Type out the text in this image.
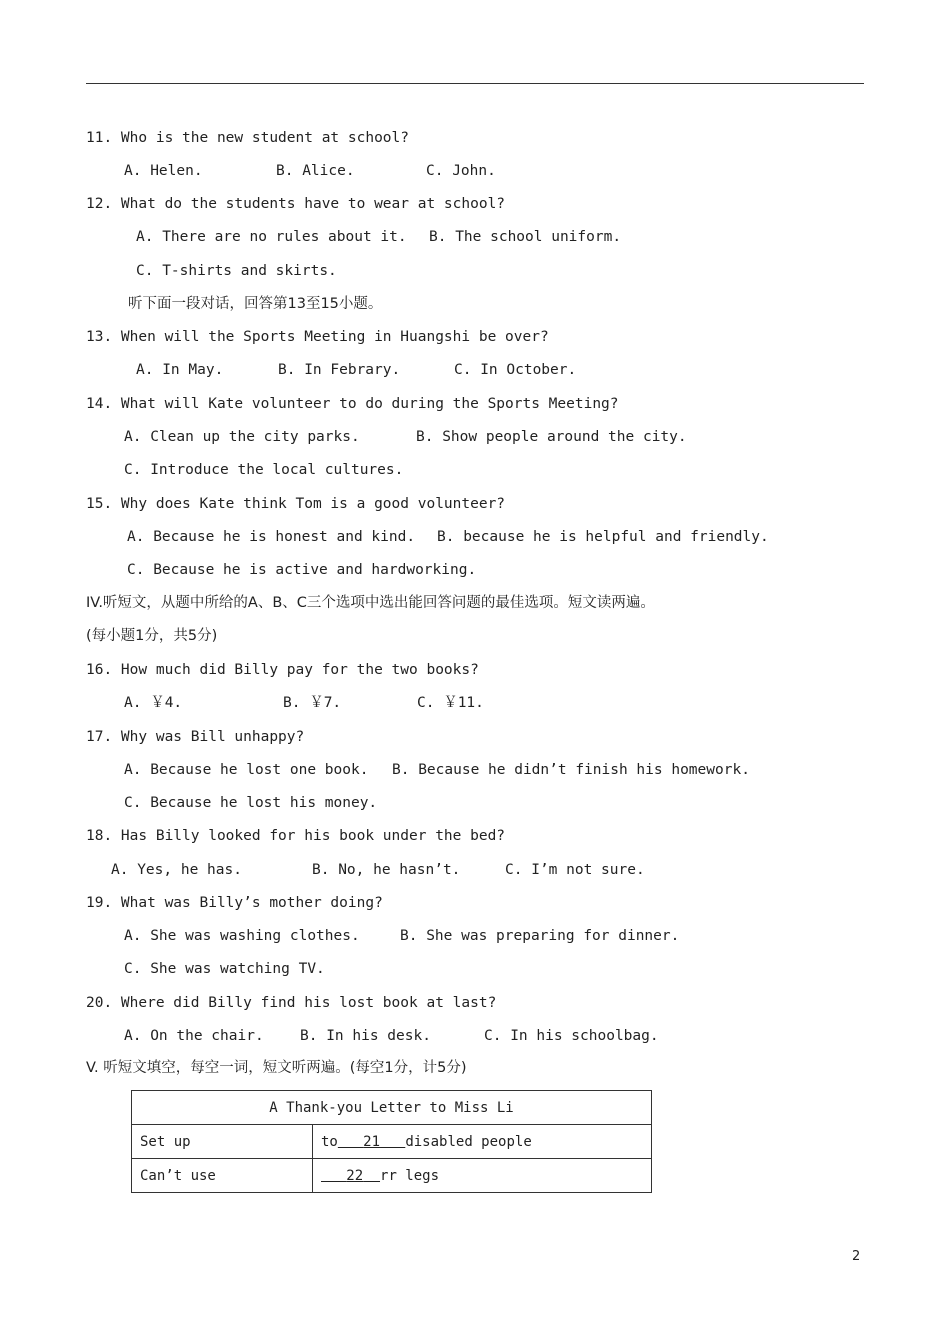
11. Who is the new student at school?
A. Helen.	B. Alice.	C. John.
12. What do the students have to wear at school?
A. There are no rules about it. B. The school uniform.
C. T-shirts and skirts.
听下面一段对话，回答第13至15小题。
13. When will the Sports Meeting in Huangshi be over?
A. In May.	B. In Febrary.	C. In October.
14. What will Kate volunteer to do during the Sports Meeting?
A. Clean up the city parks.	B. Show people around the city.
C. Introduce the local cultures.
15. Why does Kate think Tom is a good volunteer?
A. Because he is honest and kind. B. because he is helpful and friendly.
C. Because he is active and hardworking.
IV.听短文，从题中所给的A、B、C三个选项中选出能回答问题的最佳选项。短文读两遍。
(每小题1分，共5分)
16. How much did Billy pay for the two books?
A. ￥4.	B. ￥7.	C. ￥11.
17. Why was Bill unhappy?
A. Because he lost one book. B. Because he didn’t finish his homework.
C. Because he lost his money.
18. Has Billy looked for his book under the bed?
A. Yes, he has.	B. No, he hasn’t.	C. I’m not sure.
19. What was Billy’s mother doing?
A. She was washing clothes.	B. She was preparing for dinner.
C. She was watching TV.
20. Where did Billy find his lost book at last?
A. On the chair.	B. In his desk.	C. In his schoolbag.
V. 听短文填空，每空一词，短文听两遍。(每空1分，计5分)
A Thank-you Letter to Miss Li	
Set up	to 21 disabled people
Can’t use	22 rr legs
2
